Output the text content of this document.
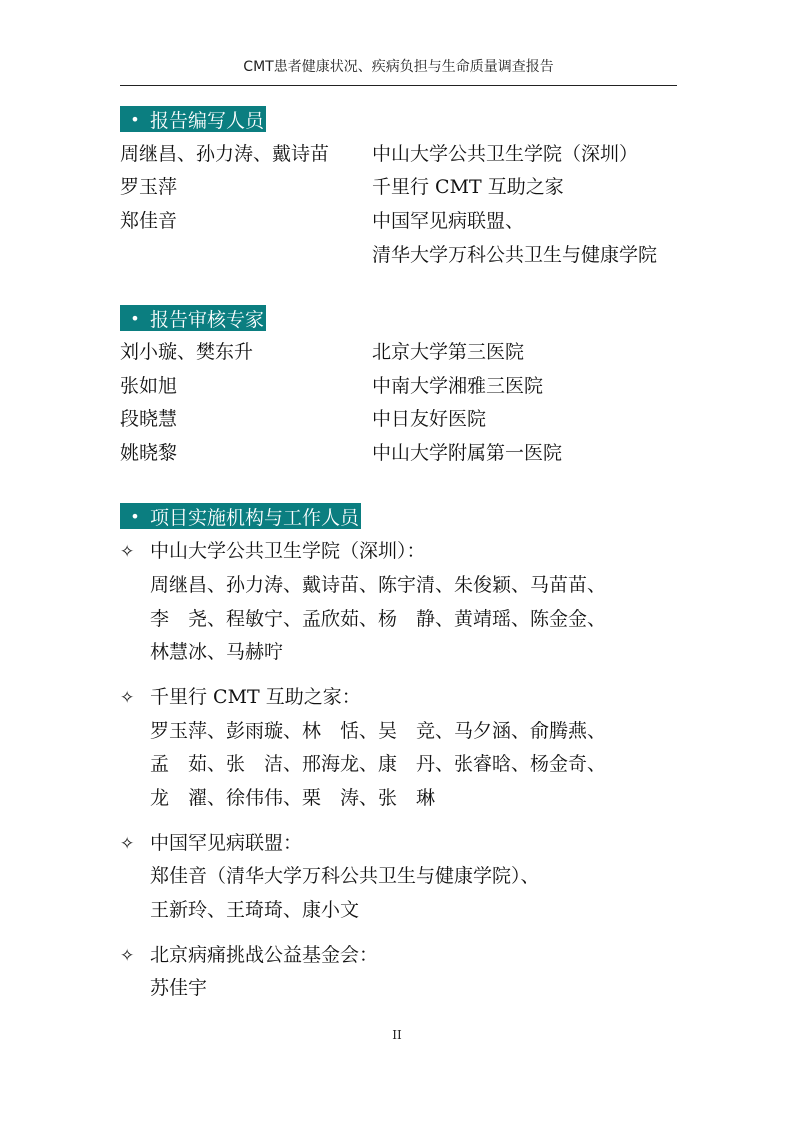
CMT患者健康状况、疾病负担与生命质量调查报告
• 报告编写人员
周继昌、孙力涛、戴诗苗 中山大学公共卫生学院（深圳）
罗玉萍	千里行 CMT 互助之家
郑佳音	中国罕见病联盟、
清华大学万科公共卫生与健康学院
• 报告审核专家
刘小璇、樊东升	北京大学第三医院
张如旭	中南大学湘雅三医院
段晓慧	中日友好医院
姚晓黎	中山大学附属第一医院
• 项目实施机构与工作人员
✧ 中山大学公共卫生学院（深圳）：
周继昌、孙力涛、戴诗苗、陈宇清、朱俊颖、马苗苗、
李　尧、程敏宁、孟欣茹、杨　静、黄靖瑶、陈金金、
林慧冰、马赫咛
✧ 千里行 CMT 互助之家：
罗玉萍、彭雨璇、林　恬、吴　竞、马夕涵、俞腾燕、
孟　茹、张　洁、邢海龙、康　丹、张睿晗、杨金奇、
龙　濯、徐伟伟、栗　涛、张　琳
✧ 中国罕见病联盟：
郑佳音（清华大学万科公共卫生与健康学院）、
王新玲、王琦琦、康小文
✧ 北京病痛挑战公益基金会：
苏佳宇
II
